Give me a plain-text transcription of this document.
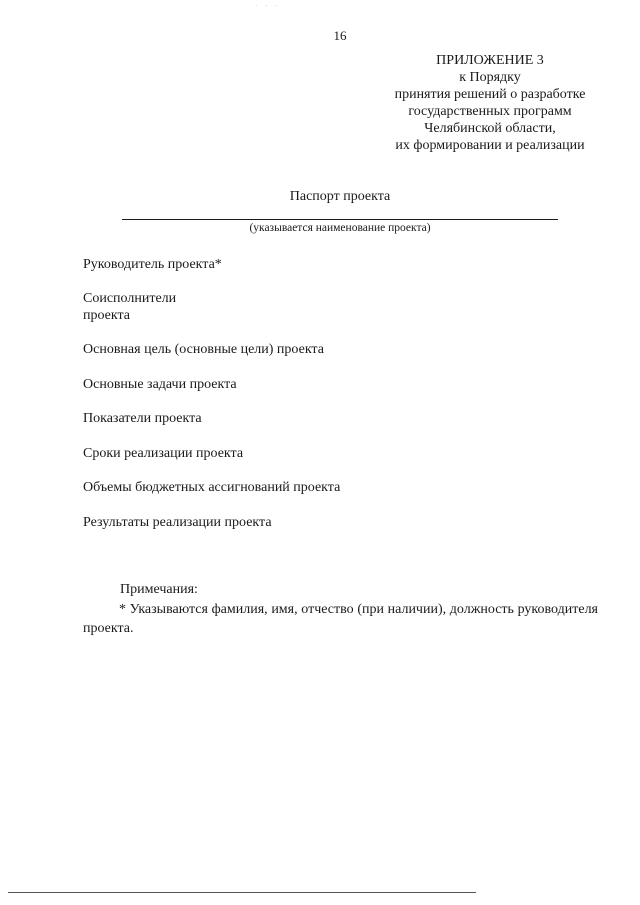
· · ·
16
ПРИЛОЖЕНИЕ 3
к Порядку
принятия решений о разработке
государственных программ
Челябинской области,
их формировании и реализации
Паспорт проекта
(указывается наименование проекта)
Руководитель проекта*
Соисполнители
проекта
Основная цель (основные цели) проекта
Основные задачи проекта
Показатели проекта
Сроки реализации проекта
Объемы бюджетных ассигнований проекта
Результаты реализации проекта
Примечания:
* Указываются фамилия, имя, отчество (при наличии), должность руководителя проекта.
